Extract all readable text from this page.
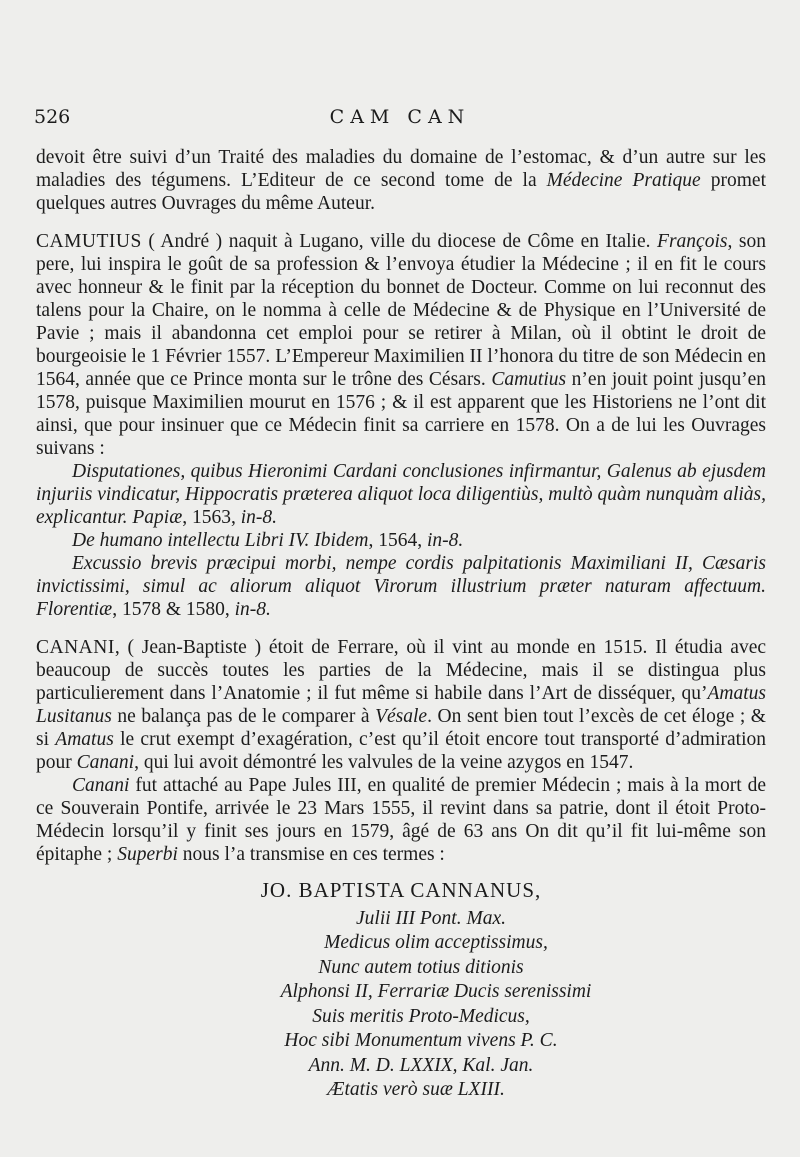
526	CAM CAN

devoit être suivi d’un Traité des maladies du domaine de l’estomac, & d’un autre sur les maladies des tégumens. L’Editeur de ce second tome de la Médecine Pratique promet quelques autres Ouvrages du même Auteur.

CAMUTIUS ( André ) naquit à Lugano, ville du diocese de Côme en Italie. François, son pere, lui inspira le goût de sa profession & l’envoya étudier la Médecine ; il en fit le cours avec honneur & le finit par la réception du bonnet de Docteur. Comme on lui reconnut des talens pour la Chaire, on le nomma à celle de Médecine & de Physique en l’Université de Pavie ; mais il abandonna cet emploi pour se retirer à Milan, où il obtint le droit de bourgeoisie le 1 Février 1557. L’Empereur Maximilien II l’honora du titre de son Médecin en 1564, année que ce Prince monta sur le trône des Césars. Camutius n’en jouit point jusqu’en 1578, puisque Maximilien mourut en 1576 ; & il est apparent que les Historiens ne l’ont dit ainsi, que pour insinuer que ce Médecin finit sa carriere en 1578. On a de lui les Ouvrages suivans :

Disputationes, quibus Hieronimi Cardani conclusiones infirmantur, Galenus ab ejusdem injuriis vindicatur, Hippocratis præterea aliquot loca diligentiùs, multò quàm nunquàm aliàs, explicantur. Papiæ, 1563, in-8.

De humano intellectu Libri IV. Ibidem, 1564, in-8.

Excussio brevis præcipui morbi, nempe cordis palpitationis Maximiliani II, Cæsaris invictissimi, simul ac aliorum aliquot Virorum illustrium præter naturam affectuum. Florentiæ, 1578 & 1580, in-8.

CANANI, ( Jean-Baptiste ) étoit de Ferrare, où il vint au monde en 1515. Il étudia avec beaucoup de succès toutes les parties de la Médecine, mais il se distingua plus particulierement dans l’Anatomie ; il fut même si habile dans l’Art de disséquer, qu’Amatus Lusitanus ne balança pas de le comparer à Vésale. On sent bien tout l’excès de cet éloge ; & si Amatus le crut exempt d’exagération, c’est qu’il étoit encore tout transporté d’admiration pour Canani, qui lui avoit démontré les valvules de la veine azygos en 1547.

Canani fut attaché au Pape Jules III, en qualité de premier Médecin ; mais à la mort de ce Souverain Pontife, arrivée le 23 Mars 1555, il revint dans sa patrie, dont il étoit Proto-Médecin lorsqu’il y finit ses jours en 1579, âgé de 63 ans On dit qu’il fit lui-même son épitaphe ; Superbi nous l’a transmise en ces termes :

JO. BAPTISTA CANNANUS,
Julii III Pont. Max.
Medicus olim acceptissimus,
Nunc autem totius ditionis
Alphonsi II, Ferrariæ Ducis serenissimi
Suis meritis Proto-Medicus,
Hoc sibi Monumentum vivens P. C.
Ann. M. D. LXXIX, Kal. Jan.
Ætatis verò suæ LXIII.
